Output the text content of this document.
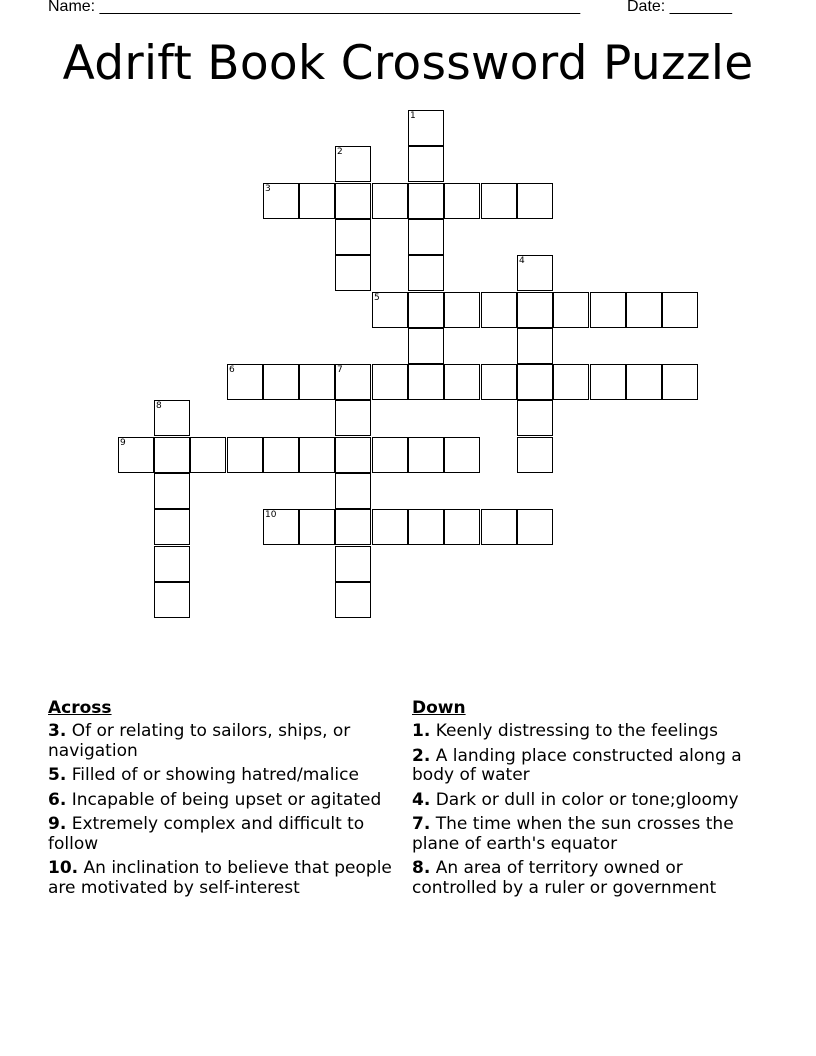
Name: ______________________________________________________	Date: _______
Adrift Book Crossword Puzzle
1
2
3
4
5
6	7
8
9
10
Across
3. Of or relating to sailors, ships, or navigation
5. Filled of or showing hatred/malice
6. Incapable of being upset or agitated
9. Extremely complex and difficult to follow
10. An inclination to believe that people are motivated by self-interest
Down
1. Keenly distressing to the feelings
2. A landing place constructed along a body of water
4. Dark or dull in color or tone;gloomy
7. The time when the sun crosses the plane of earth's equator
8. An area of territory owned or controlled by a ruler or government
